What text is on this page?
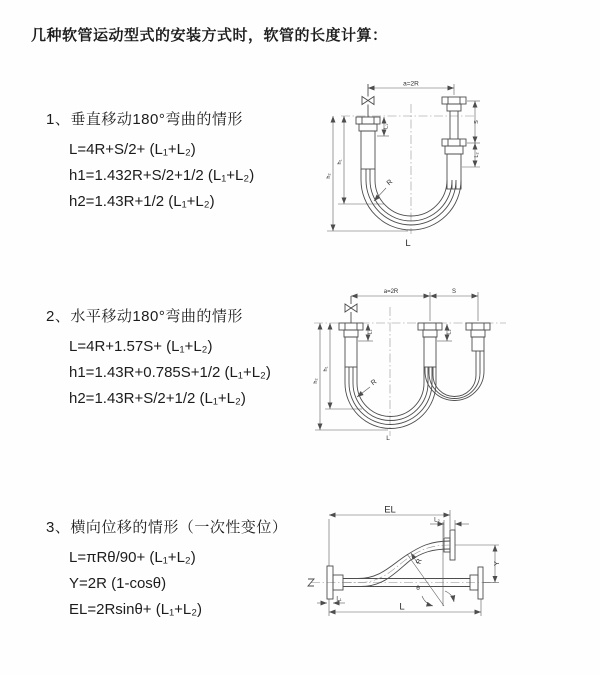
几种软管运动型式的安装方式时，软管的长度计算：
1、垂直移动180°弯曲的情形
L=4R+S/2+ (L₁+L₂)
h1=1.432R+S/2+1/2 (L₁+L₂)
h2=1.43R+1/2 (L₁+L₂)
2、水平移动180°弯曲的情形
L=4R+1.57S+ (L₁+L₂)
h1=1.43R+0.785S+1/2 (L₁+L₂)
h2=1.43R+S/2+1/2 (L₁+L₂)
3、横向位移的情形（一次性变位）
L=πRθ/90+ (L₁+L₂)
Y=2R (1-cosθ)
EL=2Rsinθ+ (L₁+L₂)
a=2R
L₁
S
L₂
h₂
h₁
R
L
a=2R	S
L₁	L₂
h₂
h₁
R
L
EL
L₂
θ
R	Y
L₁
L
